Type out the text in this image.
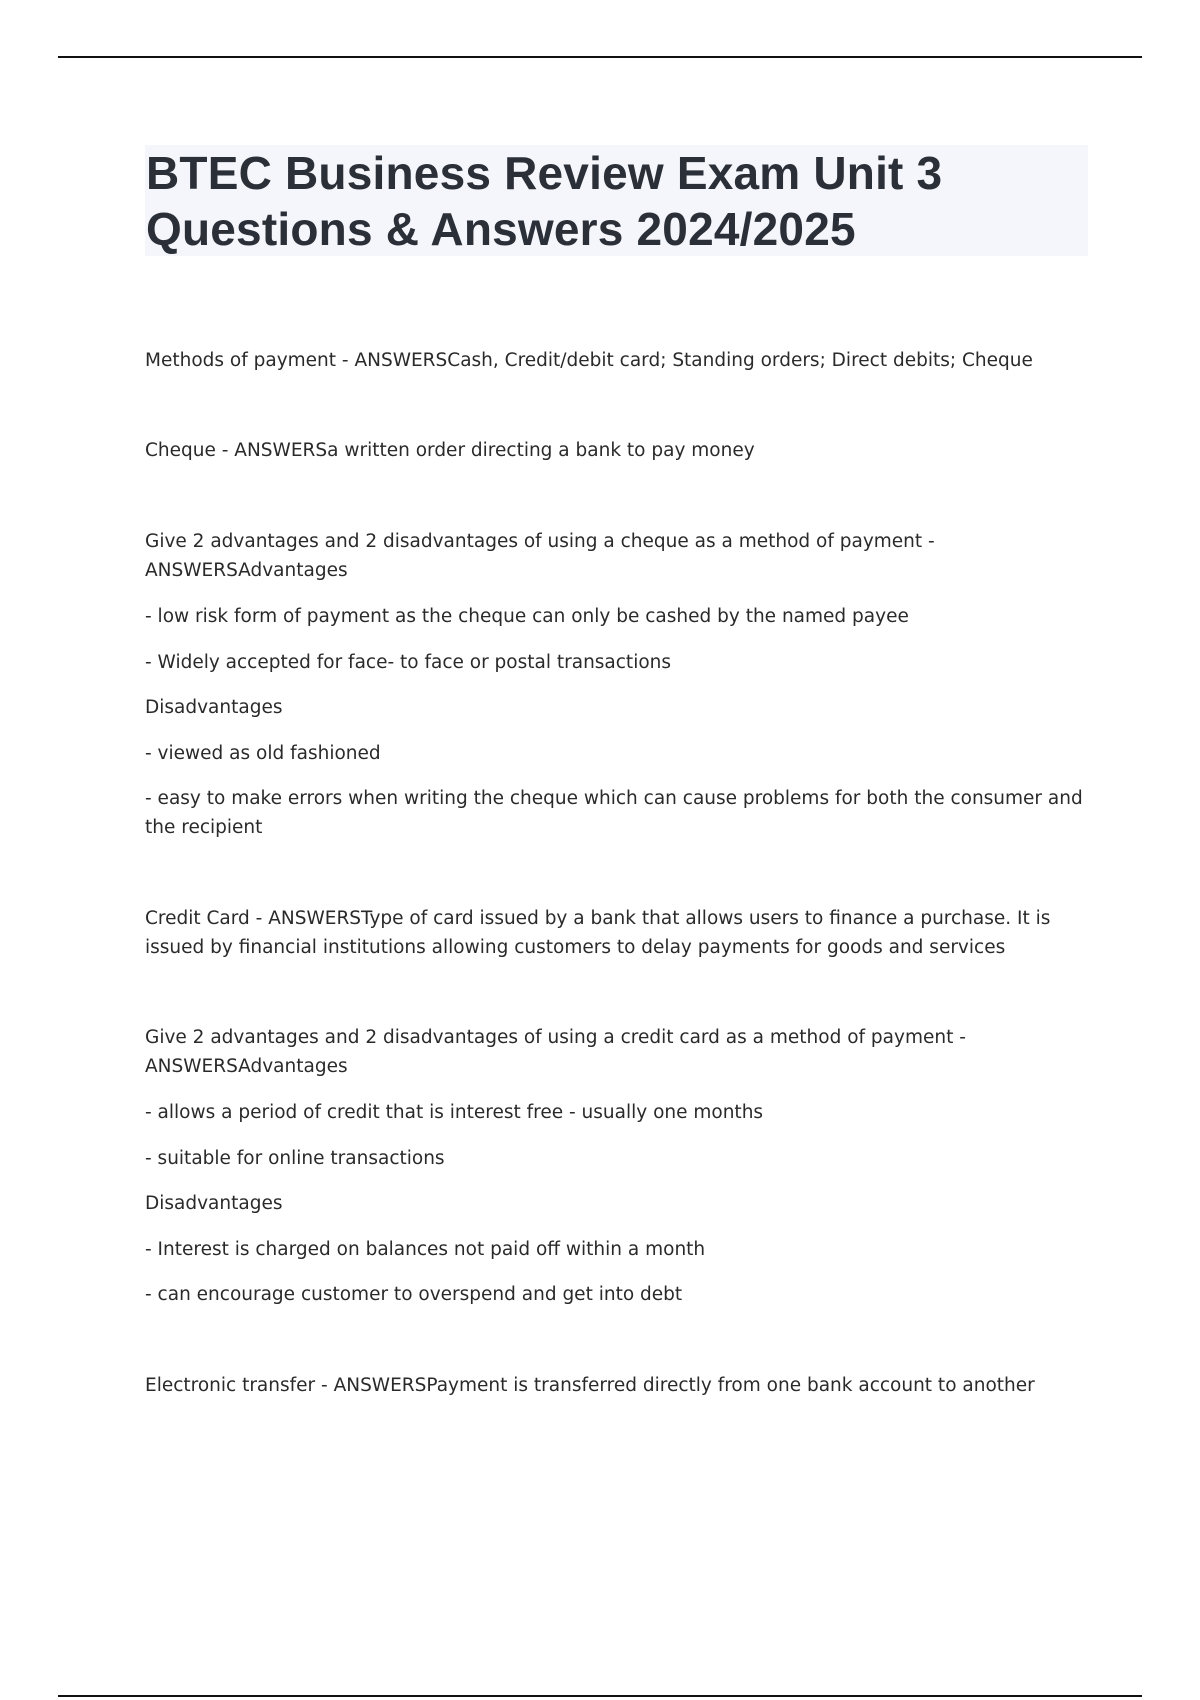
BTEC Business Review Exam Unit 3
Questions & Answers 2024/2025
Methods of payment - ANSWERSCash, Credit/debit card; Standing orders; Direct debits; Cheque
Cheque - ANSWERSa written order directing a bank to pay money
Give 2 advantages and 2 disadvantages of using a cheque as a method of payment - ANSWERSAdvantages
- low risk form of payment as the cheque can only be cashed by the named payee
- Widely accepted for face- to face or postal transactions
Disadvantages
- viewed as old fashioned
- easy to make errors when writing the cheque which can cause problems for both the consumer and the recipient
Credit Card - ANSWERSType of card issued by a bank that allows users to finance a purchase. It is issued by financial institutions allowing customers to delay payments for goods and services
Give 2 advantages and 2 disadvantages of using a credit card as a method of payment - ANSWERSAdvantages
- allows a period of credit that is interest free - usually one months
- suitable for online transactions
Disadvantages
- Interest is charged on balances not paid off within a month
- can encourage customer to overspend and get into debt
Electronic transfer - ANSWERSPayment is transferred directly from one bank account to another
